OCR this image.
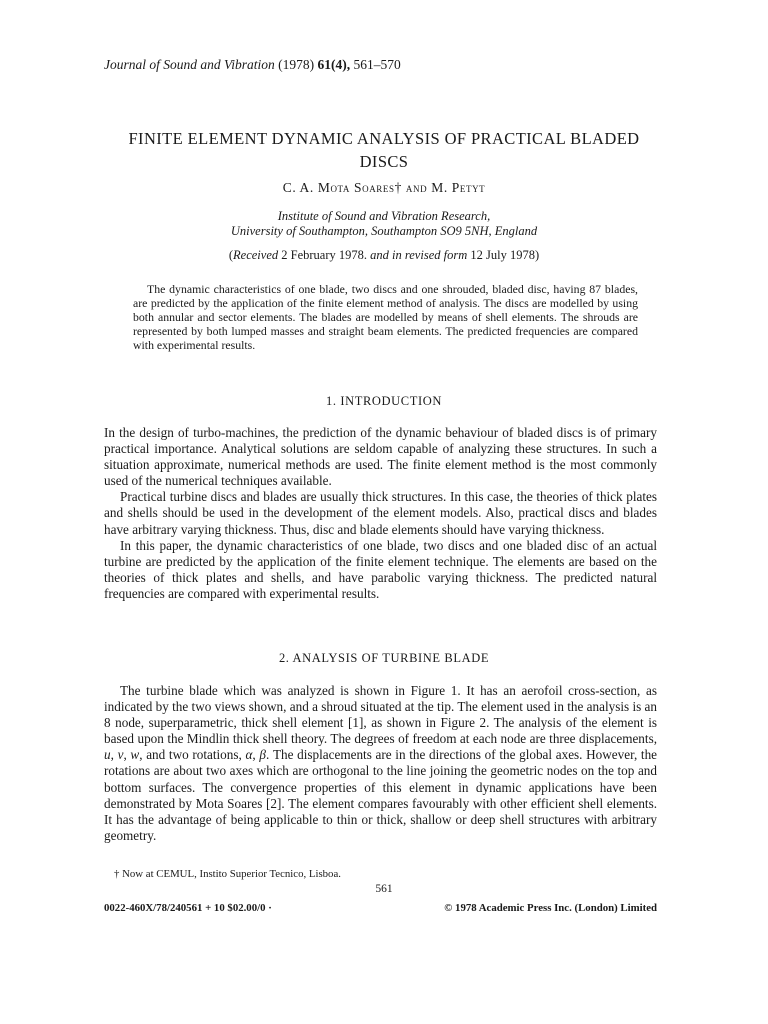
Journal of Sound and Vibration (1978) 61(4), 561–570
FINITE ELEMENT DYNAMIC ANALYSIS OF PRACTICAL BLADED
DISCS
C. A. Mota Soares† and M. Petyt
Institute of Sound and Vibration Research,
University of Southampton, Southampton SO9 5NH, England
(Received 2 February 1978. and in revised form 12 July 1978)

The dynamic characteristics of one blade, two discs and one shrouded, bladed disc, having 87 blades, are predicted by the application of the finite element method of analysis. The discs are modelled by using both annular and sector elements. The blades are modelled by means of shell elements. The shrouds are represented by both lumped masses and straight beam elements. The predicted frequencies are compared with experimental results.

1. INTRODUCTION

In the design of turbo-machines, the prediction of the dynamic behaviour of bladed discs is of primary practical importance. Analytical solutions are seldom capable of analyzing these structures. In such a situation approximate, numerical methods are used. The finite element method is the most commonly used of the numerical techniques available.

Practical turbine discs and blades are usually thick structures. In this case, the theories of thick plates and shells should be used in the development of the element models. Also, practical discs and blades have arbitrary varying thickness. Thus, disc and blade elements should have varying thickness.

In this paper, the dynamic characteristics of one blade, two discs and one bladed disc of an actual turbine are predicted by the application of the finite element technique. The elements are based on the theories of thick plates and shells, and have parabolic varying thickness. The predicted natural frequencies are compared with experimental results.

2. ANALYSIS OF TURBINE BLADE

The turbine blade which was analyzed is shown in Figure 1. It has an aerofoil cross-section, as indicated by the two views shown, and a shroud situated at the tip. The element used in the analysis is an 8 node, superparametric, thick shell element [1], as shown in Figure 2. The analysis of the element is based upon the Mindlin thick shell theory. The degrees of freedom at each node are three displacements, u, v, w, and two rotations, α, β. The displacements are in the directions of the global axes. However, the rotations are about two axes which are orthogonal to the line joining the geometric nodes on the top and bottom surfaces. The convergence properties of this element in dynamic applications have been demonstrated by Mota Soares [2]. The element compares favourably with other efficient shell elements. It has the advantage of being applicable to thin or thick, shallow or deep shell structures with arbitrary geometry.

† Now at CEMUL, Instito Superior Tecnico, Lisboa.
561
0022-460X/78/240561 + 10 $02.00/0 ·	© 1978 Academic Press Inc. (London) Limited
